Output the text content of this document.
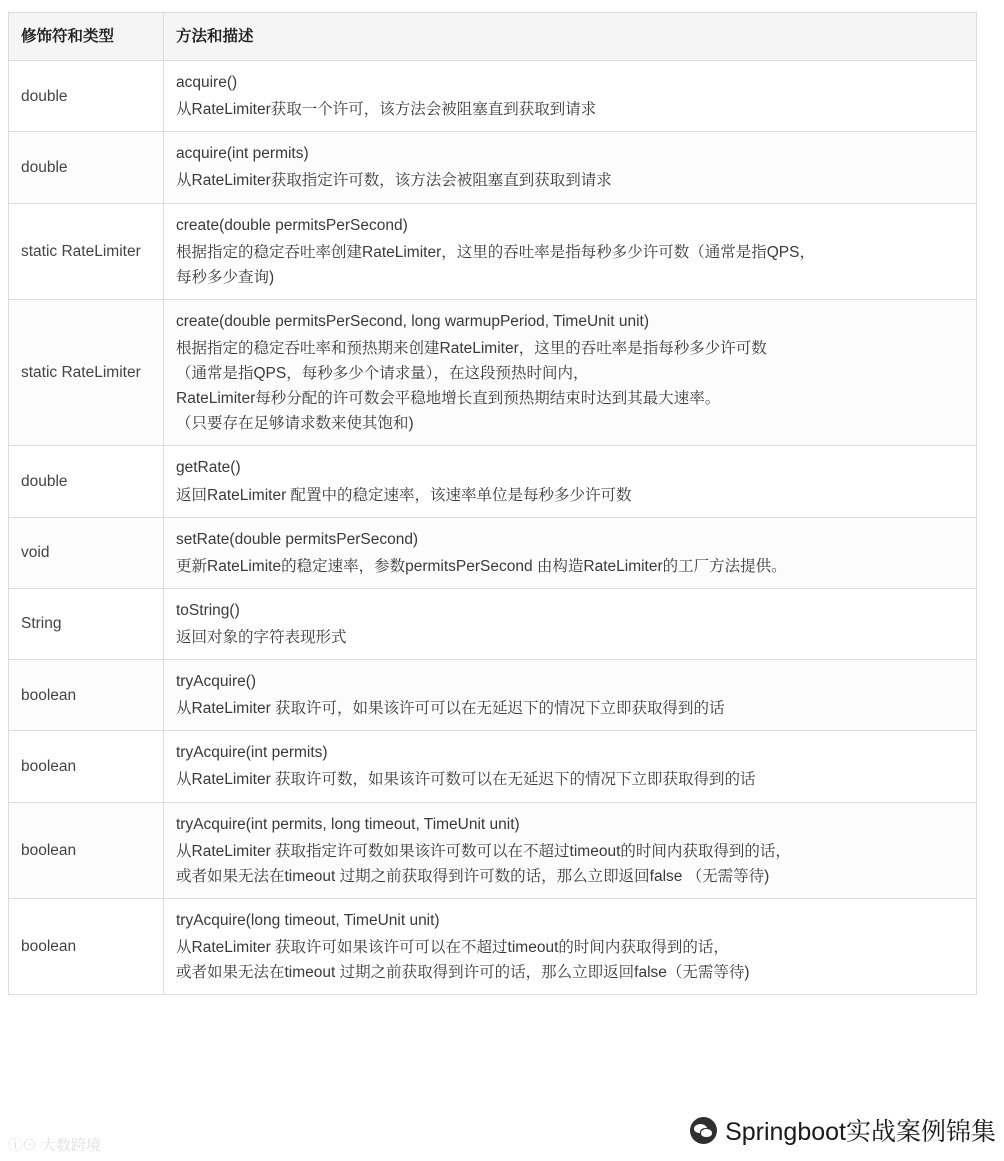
修饰符和类型	方法和描述
double	acquire()
从RateLimiter获取一个许可，该方法会被阻塞直到获取到请求

double	acquire(int permits)
从RateLimiter获取指定许可数，该方法会被阻塞直到获取到请求

static RateLimiter	create(double permitsPerSecond)
根据指定的稳定吞吐率创建RateLimiter，这里的吞吐率是指每秒多少许可数（通常是指QPS，
每秒多少查询)

static RateLimiter	create(double permitsPerSecond, long warmupPeriod, TimeUnit unit)
根据指定的稳定吞吐率和预热期来创建RateLimiter，这里的吞吐率是指每秒多少许可数
（通常是指QPS，每秒多少个请求量），在这段预热时间内，
RateLimiter每秒分配的许可数会平稳地增长直到预热期结束时达到其最大速率。
（只要存在足够请求数来使其饱和)

double	getRate()
返回RateLimiter 配置中的稳定速率，该速率单位是每秒多少许可数

void	setRate(double permitsPerSecond)
更新RateLimite的稳定速率，参数permitsPerSecond 由构造RateLimiter的工厂方法提供。

String	toString()
返回对象的字符表现形式

boolean	tryAcquire()
从RateLimiter 获取许可，如果该许可可以在无延迟下的情况下立即获取得到的话

boolean	tryAcquire(int permits)
从RateLimiter 获取许可数，如果该许可数可以在无延迟下的情况下立即获取得到的话

boolean	tryAcquire(int permits, long timeout, TimeUnit unit)
从RateLimiter 获取指定许可数如果该许可数可以在不超过timeout的时间内获取得到的话，
或者如果无法在timeout 过期之前获取得到许可数的话，那么立即返回false （无需等待)

boolean	tryAcquire(long timeout, TimeUnit unit)
从RateLimiter 获取许可如果该许可可以在不超过timeout的时间内获取得到的话，
或者如果无法在timeout 过期之前获取得到许可的话，那么立即返回false（无需等待)
ⓘ⊙ 大数跨境	Springboot实战案例锦集
